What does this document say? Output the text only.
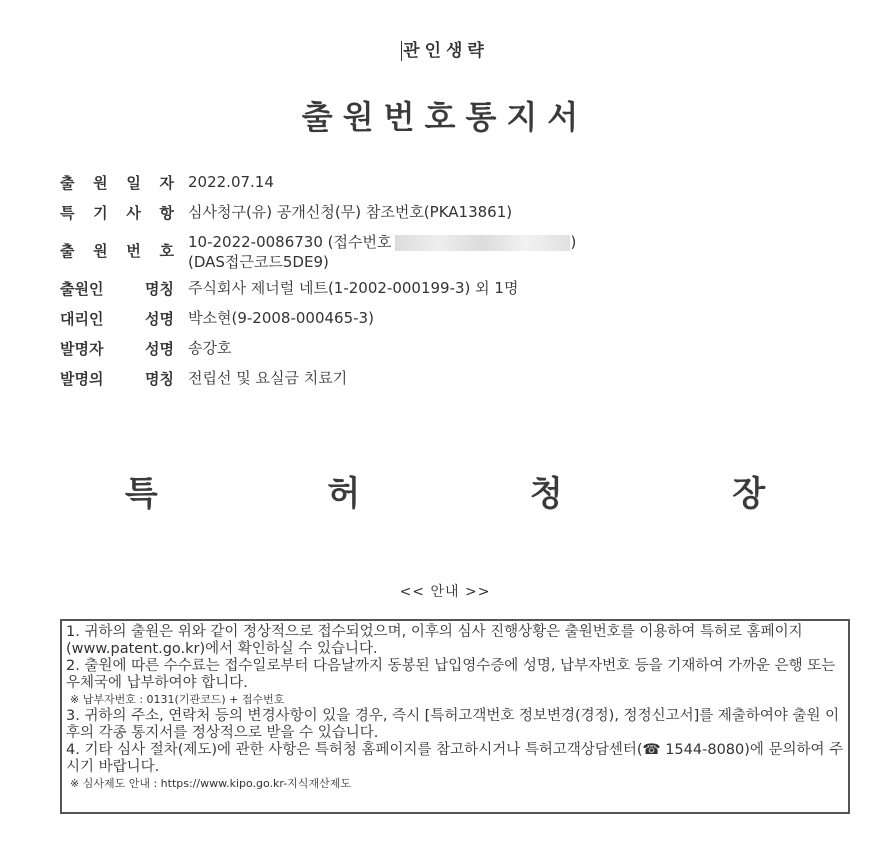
관인생략
출원번호통지서
출 원 일 자 2022.07.14
특 기 사 항 심사청구(유) 공개신청(무) 참조번호(PKA13861)
출 원 번 호 10-2022-0086730 (접수번호	)
(DAS접근코드5DE9)
출원인	명칭 주식회사 제너럴 네트(1-2002-000199-3) 외 1명
대리인	성명 박소현(9-2008-000465-3)
발명자	성명 송강호
발명의	명칭 전립선 및 요실금 치료기
특	허	청	장
<< 안내 >>
1. 귀하의 출원은 위와 같이 정상적으로 접수되었으며, 이후의 심사 진행상황은 출원번호를 이용하여 특허로 홈페이지(www.patent.go.kr)에서 확인하실 수 있습니다.
2. 출원에 따른 수수료는 접수일로부터 다음날까지 동봉된 납입영수증에 성명, 납부자번호 등을 기재하여 가까운 은행 또는 우체국에 납부하여야 합니다.
※ 납부자번호 : 0131(기관코드) + 접수번호
3. 귀하의 주소, 연락처 등의 변경사항이 있을 경우, 즉시 [특허고객번호 정보변경(경정), 정정신고서]를 제출하여야 출원 이후의 각종 통지서를 정상적으로 받을 수 있습니다.
4. 기타 심사 절차(제도)에 관한 사항은 특허청 홈페이지를 참고하시거나 특허고객상담센터(☎ 1544-8080)에 문의하여 주시기 바랍니다.
※ 심사제도 안내 : https://www.kipo.go.kr-지식재산제도
